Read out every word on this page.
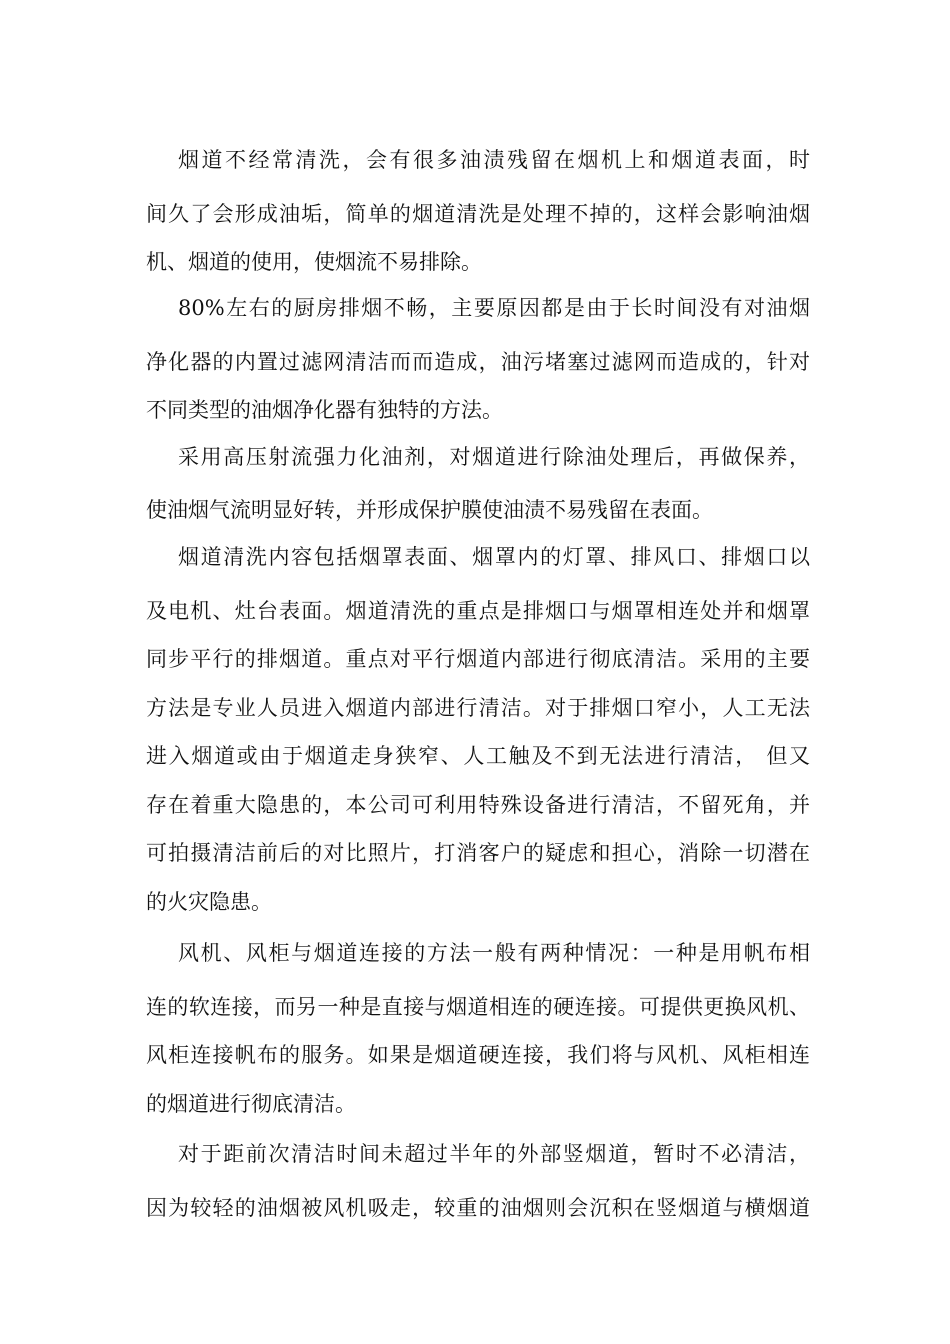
烟道不经常清洗，会有很多油渍残留在烟机上和烟道表面，时
间久了会形成油垢，简单的烟道清洗是处理不掉的，这样会影响油烟
机、烟道的使用，使烟流不易排除。
80%左右的厨房排烟不畅，主要原因都是由于长时间没有对油烟
净化器的内置过滤网清洁而而造成，油污堵塞过滤网而造成的，针对
不同类型的油烟净化器有独特的方法。
采用高压射流强力化油剂，对烟道进行除油处理后，再做保养，
使油烟气流明显好转，并形成保护膜使油渍不易残留在表面。
烟道清洗内容包括烟罩表面、烟罩内的灯罩、排风口、排烟口以
及电机、灶台表面。烟道清洗的重点是排烟口与烟罩相连处并和烟罩
同步平行的排烟道。重点对平行烟道内部进行彻底清洁。采用的主要
方法是专业人员进入烟道内部进行清洁。对于排烟口窄小，人工无法
进入烟道或由于烟道走身狭窄、人工触及不到无法进行清洁， 但又
存在着重大隐患的，本公司可利用特殊设备进行清洁，不留死角，并
可拍摄清洁前后的对比照片，打消客户的疑虑和担心，消除一切潜在
的火灾隐患。
风机、风柜与烟道连接的方法一般有两种情况：一种是用帆布相
连的软连接，而另一种是直接与烟道相连的硬连接。可提供更换风机、
风柜连接帆布的服务。如果是烟道硬连接，我们将与风机、风柜相连
的烟道进行彻底清洁。
对于距前次清洁时间未超过半年的外部竖烟道，暂时不必清洁，
因为较轻的油烟被风机吸走，较重的油烟则会沉积在竖烟道与横烟道
